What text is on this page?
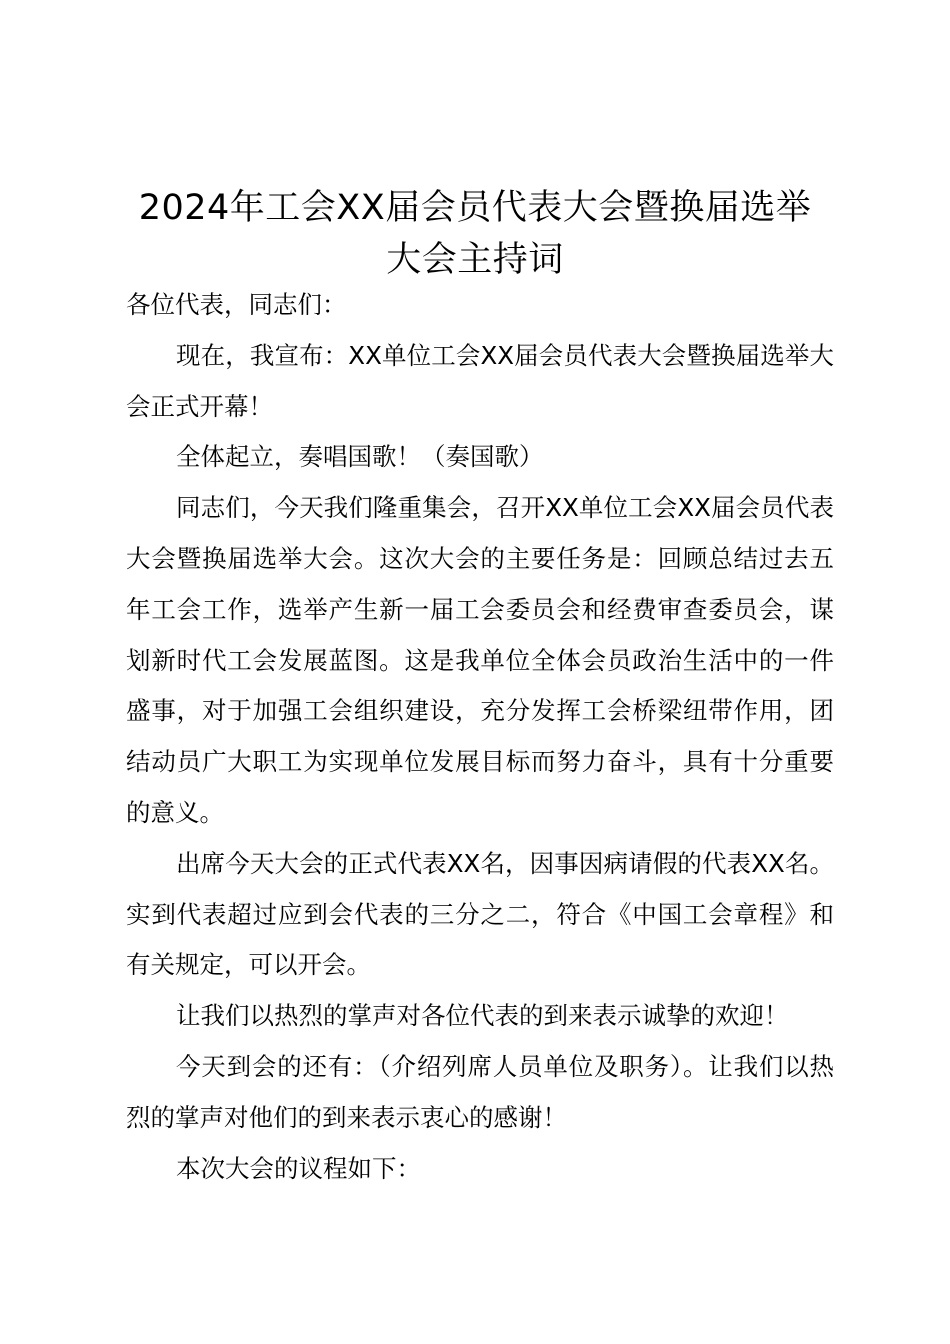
2024年工会XX届会员代表大会暨换届选举
大会主持词

各位代表，同志们：

现在，我宣布：XX单位工会XX届会员代表大会暨换届选举大会正式开幕！

全体起立，奏唱国歌！（奏国歌）

同志们，今天我们隆重集会，召开XX单位工会XX届会员代表大会暨换届选举大会。这次大会的主要任务是：回顾总结过去五年工会工作，选举产生新一届工会委员会和经费审查委员会，谋划新时代工会发展蓝图。这是我单位全体会员政治生活中的一件盛事，对于加强工会组织建设，充分发挥工会桥梁纽带作用，团结动员广大职工为实现单位发展目标而努力奋斗，具有十分重要的意义。

出席今天大会的正式代表XX名，因事因病请假的代表XX名。实到代表超过应到会代表的三分之二，符合《中国工会章程》和有关规定，可以开会。

让我们以热烈的掌声对各位代表的到来表示诚挚的欢迎！

今天到会的还有：（介绍列席人员单位及职务）。让我们以热烈的掌声对他们的到来表示衷心的感谢！

本次大会的议程如下：
